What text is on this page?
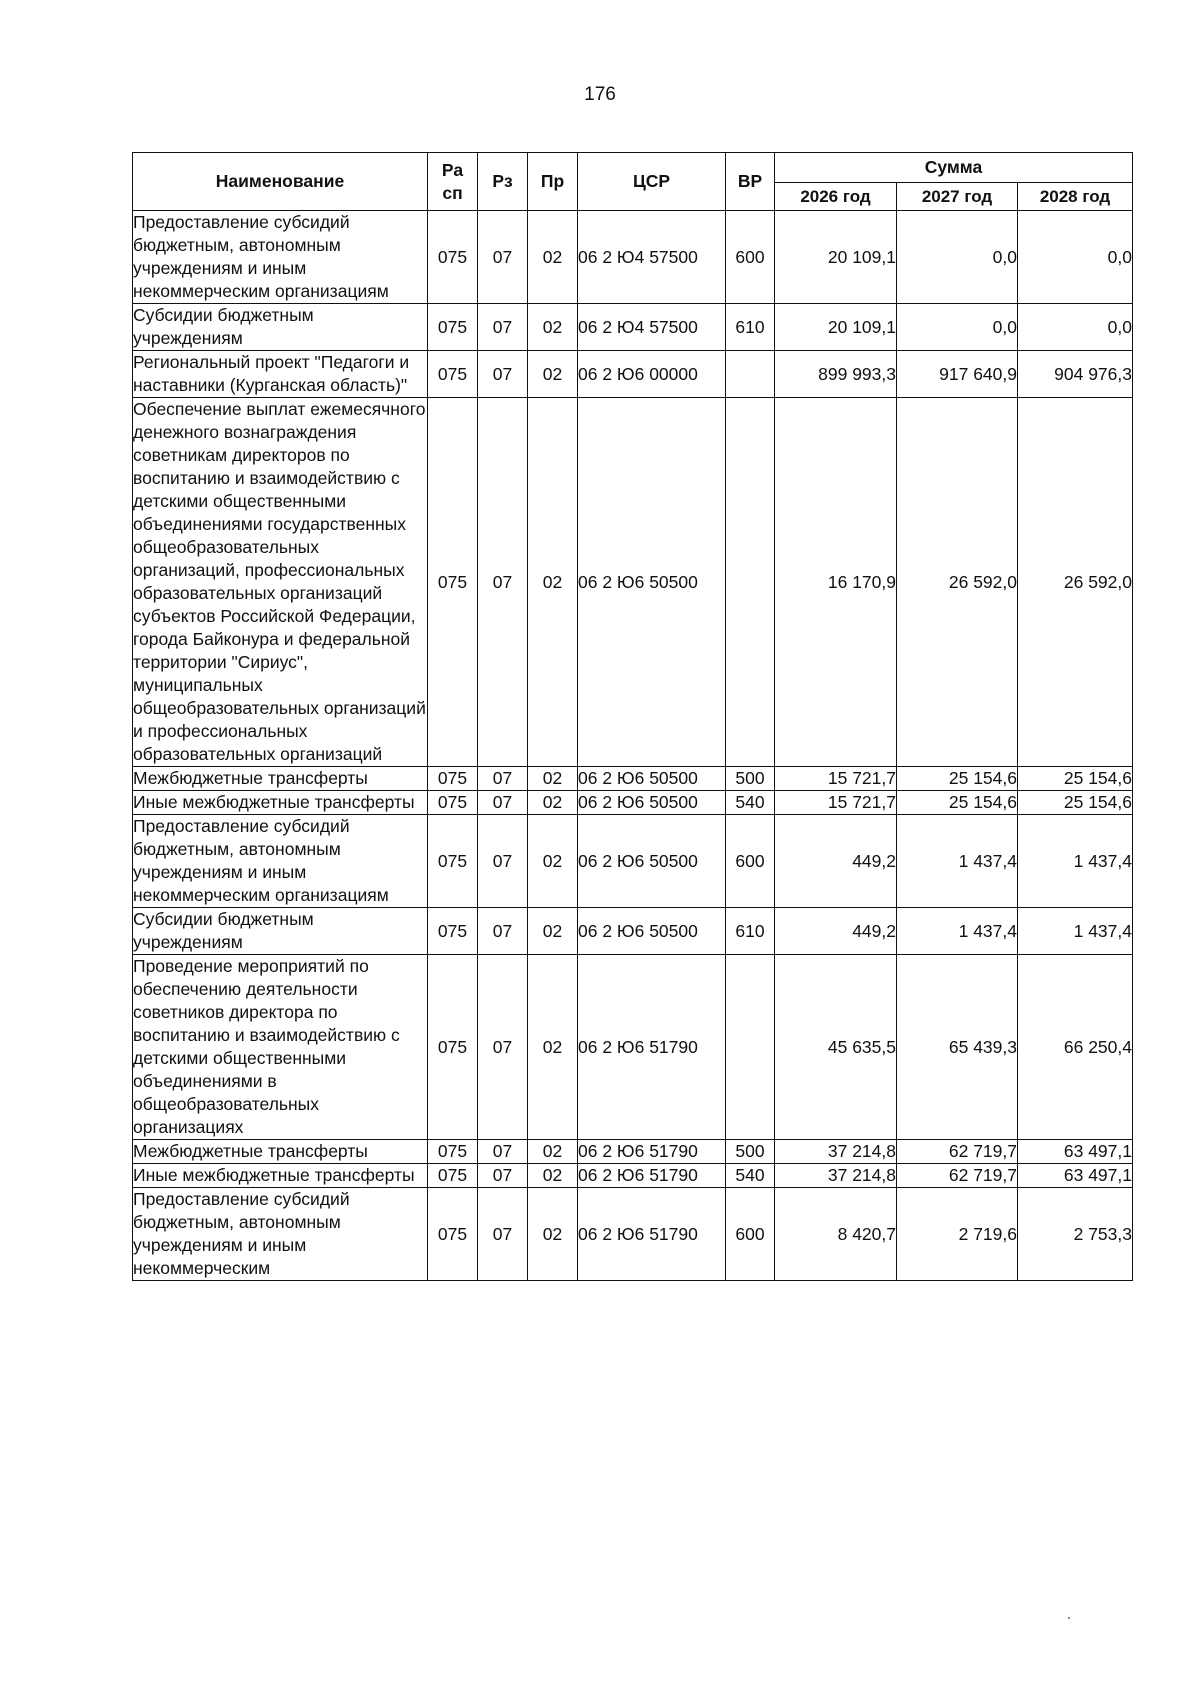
176
Наименование	Ра сп	Рз	Пр	ЦСР	ВР	Сумма		
						2026 год	2027 год	2028 год
Предоставление субсидий бюджетным, автономным учреждениям и иным некоммерческим организациям	075	07	02	06 2 Ю4 57500	600	20 109,1	0,0	0,0
Субсидии бюджетным учреждениям	075	07	02	06 2 Ю4 57500	610	20 109,1	0,0	0,0
Региональный проект "Педагоги и наставники (Курганская область)"	075	07	02	06 2 Ю6 00000		899 993,3	917 640,9	904 976,3
Обеспечение выплат ежемесячного денежного вознаграждения советникам директоров по воспитанию и взаимодействию с детскими общественными объединениями государственных общеобразовательных организаций, профессиональных образовательных организаций субъектов Российской Федерации, города Байконура и федеральной территории "Сириус", муниципальных общеобразовательных организаций и профессиональных образовательных организаций	075	07	02	06 2 Ю6 50500		16 170,9	26 592,0	26 592,0
Межбюджетные трансферты	075	07	02	06 2 Ю6 50500	500	15 721,7	25 154,6	25 154,6
Иные межбюджетные трансферты	075	07	02	06 2 Ю6 50500	540	15 721,7	25 154,6	25 154,6
Предоставление субсидий бюджетным, автономным учреждениям и иным некоммерческим организациям	075	07	02	06 2 Ю6 50500	600	449,2	1 437,4	1 437,4
Субсидии бюджетным учреждениям	075	07	02	06 2 Ю6 50500	610	449,2	1 437,4	1 437,4
Проведение мероприятий по обеспечению деятельности советников директора по воспитанию и взаимодействию с детскими общественными объединениями в общеобразовательных организациях	075	07	02	06 2 Ю6 51790		45 635,5	65 439,3	66 250,4
Межбюджетные трансферты	075	07	02	06 2 Ю6 51790	500	37 214,8	62 719,7	63 497,1
Иные межбюджетные трансферты	075	07	02	06 2 Ю6 51790	540	37 214,8	62 719,7	63 497,1
Предоставление субсидий бюджетным, автономным учреждениям и иным некоммерческим	075	07	02	06 2 Ю6 51790	600	8 420,7	2 719,6	2 753,3
